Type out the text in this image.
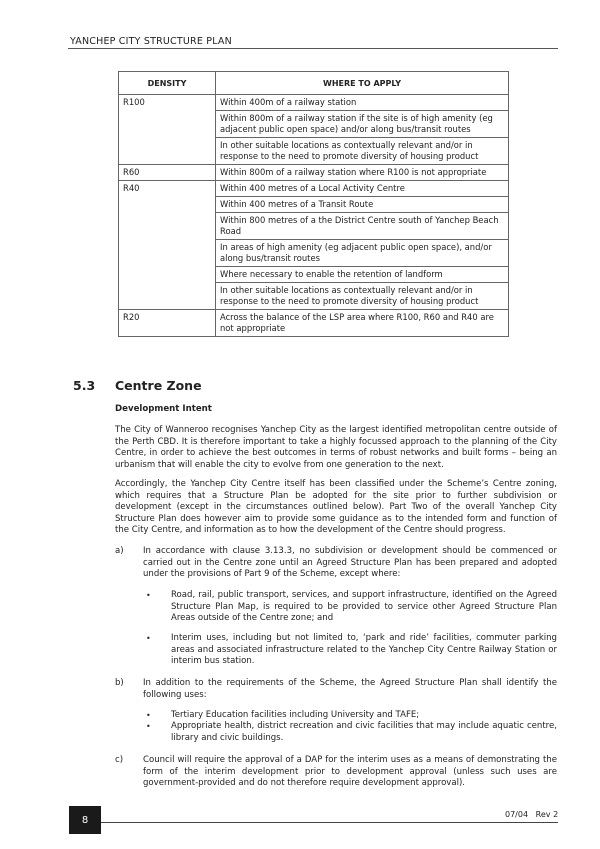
YANCHEP CITY STRUCTURE PLAN
DENSITY	WHERE TO APPLY
R100	Within 400m of a railway station
	Within 800m of a railway station if the site is of high amenity (eg adjacent public open space) and/or along bus/transit routes
	In other suitable locations as contextually relevant and/or in response to the need to promote diversity of housing product
R60	Within 800m of a railway station where R100 is not appropriate
R40	Within 400 metres of a Local Activity Centre
	Within 400 metres of a Transit Route
	Within 800 metres of a the District Centre south of Yanchep Beach Road
	In areas of high amenity (eg adjacent public open space), and/or along bus/transit routes
	Where necessary to enable the retention of landform
	In other suitable locations as contextually relevant and/or in response to the need to promote diversity of housing product
R20	Across the balance of the LSP area where R100, R60 and R40 are not appropriate
5.3 Centre Zone
Development Intent

The City of Wanneroo recognises Yanchep City as the largest identified metropolitan centre outside of the Perth CBD. It is therefore important to take a highly focussed approach to the planning of the City Centre, in order to achieve the best outcomes in terms of robust networks and built forms – being an urbanism that will enable the city to evolve from one generation to the next.

Accordingly, the Yanchep City Centre itself has been classified under the Scheme’s Centre zoning, which requires that a Structure Plan be adopted for the site prior to further subdivision or development (except in the circumstances outlined below). Part Two of the overall Yanchep City Structure Plan does however aim to provide some guidance as to the intended form and function of the City Centre, and information as to how the development of the Centre should progress.

a) In accordance with clause 3.13.3, no subdivision or development should be commenced or carried out in the Centre zone until an Agreed Structure Plan has been prepared and adopted under the provisions of Part 9 of the Scheme, except where:

• Road, rail, public transport, services, and support infrastructure, identified on the Agreed Structure Plan Map, is required to be provided to service other Agreed Structure Plan Areas outside of the Centre zone; and

• Interim uses, including but not limited to, ‘park and ride’ facilities, commuter parking areas and associated infrastructure related to the Yanchep City Centre Railway Station or interim bus station.

b) In addition to the requirements of the Scheme, the Agreed Structure Plan shall identify the following uses:

• Tertiary Education facilities including University and TAFE;

• Appropriate health, district recreation and civic facilities that may include aquatic centre, library and civic buildings.

c) Council will require the approval of a DAP for the interim uses as a means of demonstrating the form of the interim development prior to development approval (unless such uses are government-provided and do not therefore require development approval).

8	07/04   Rev 2
